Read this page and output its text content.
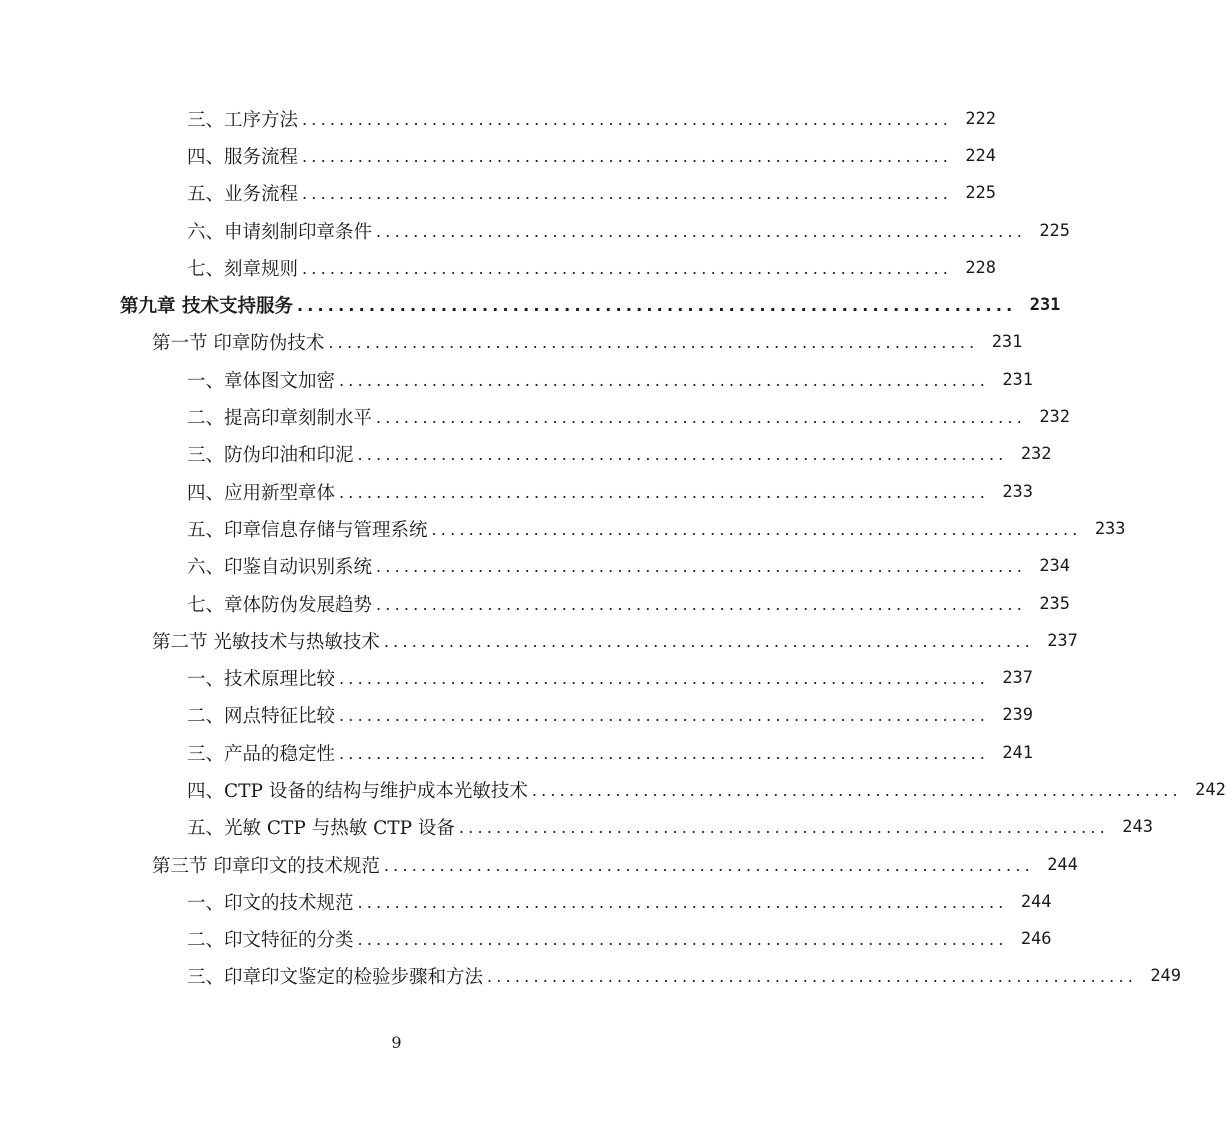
三、工序方法 ...................................................................... 222
四、服务流程 ...................................................................... 224
五、业务流程 ...................................................................... 225
六、申请刻制印章条件 ...................................................................... 225
七、刻章规则 ...................................................................... 228
第九章 技术支持服务 ...................................................................... 231
第一节 印章防伪技术 ...................................................................... 231
一、章体图文加密 ...................................................................... 231
二、提高印章刻制水平 ...................................................................... 232
三、防伪印油和印泥 ...................................................................... 232
四、应用新型章体 ...................................................................... 233
五、印章信息存储与管理系统 ...................................................................... 233
六、印鉴自动识别系统 ...................................................................... 234
七、章体防伪发展趋势 ...................................................................... 235
第二节 光敏技术与热敏技术 ...................................................................... 237
一、技术原理比较 ...................................................................... 237
二、网点特征比较 ...................................................................... 239
三、产品的稳定性 ...................................................................... 241
四、CTP 设备的结构与维护成本光敏技术 ...................................................................... 242
五、光敏 CTP 与热敏 CTP 设备 ...................................................................... 243
第三节 印章印文的技术规范 ...................................................................... 244
一、印文的技术规范 ...................................................................... 244
二、印文特征的分类 ...................................................................... 246
三、印章印文鉴定的检验步骤和方法 ...................................................................... 249
9
